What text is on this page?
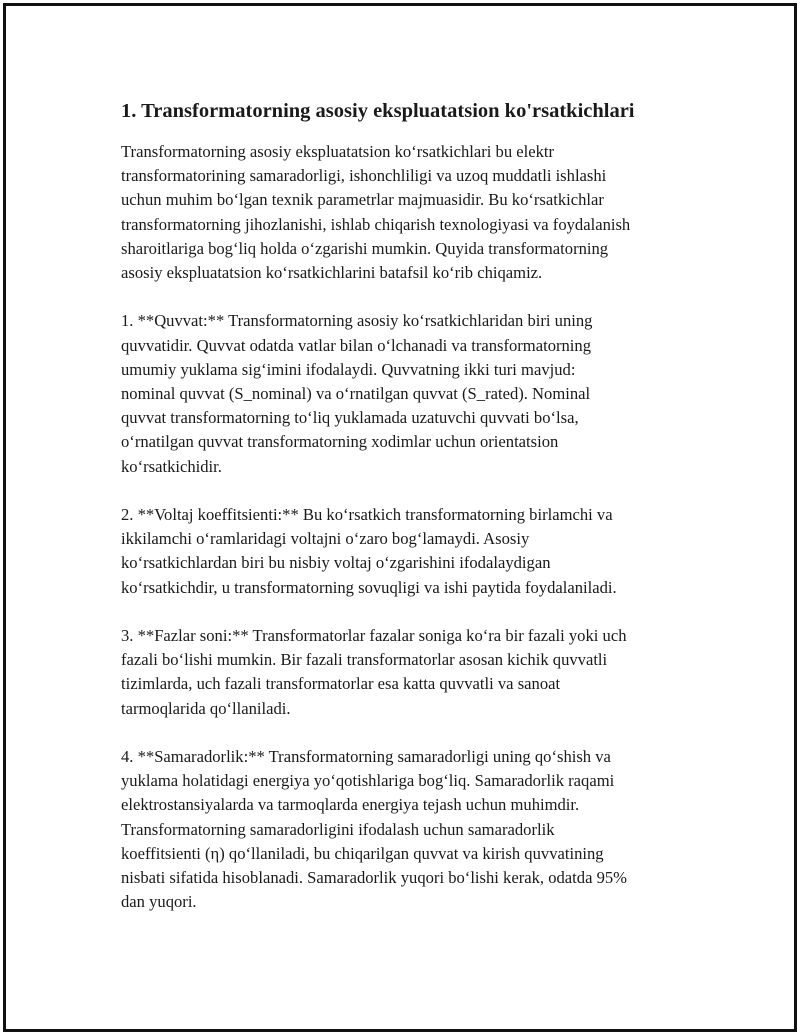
1. Transformatorning asosiy ekspluatatsion ko'rsatkichlari

Transformatorning asosiy ekspluatatsion ko‘rsatkichlari bu elektr
transformatorining samaradorligi, ishonchliligi va uzoq muddatli ishlashi
uchun muhim bo‘lgan texnik parametrlar majmuasidir. Bu ko‘rsatkichlar
transformatorning jihozlanishi, ishlab chiqarish texnologiyasi va foydalanish
sharoitlariga bog‘liq holda o‘zgarishi mumkin. Quyida transformatorning
asosiy ekspluatatsion ko‘rsatkichlarini batafsil ko‘rib chiqamiz.

1. **Quvvat:** Transformatorning asosiy ko‘rsatkichlaridan biri uning
quvvatidir. Quvvat odatda vatlar bilan o‘lchanadi va transformatorning
umumiy yuklama sig‘imini ifodalaydi. Quvvatning ikki turi mavjud:
nominal quvvat (S_nominal) va o‘rnatilgan quvvat (S_rated). Nominal
quvvat transformatorning to‘liq yuklamada uzatuvchi quvvati bo‘lsa,
o‘rnatilgan quvvat transformatorning xodimlar uchun orientatsion
ko‘rsatkichidir.

2. **Voltaj koeffitsienti:** Bu ko‘rsatkich transformatorning birlamchi va
ikkilamchi o‘ramlaridagi voltajni o‘zaro bog‘lamaydi. Asosiy
ko‘rsatkichlardan biri bu nisbiy voltaj o‘zgarishini ifodalaydigan
ko‘rsatkichdir, u transformatorning sovuqligi va ishi paytida foydalaniladi.

3. **Fazlar soni:** Transformatorlar fazalar soniga ko‘ra bir fazali yoki uch
fazali bo‘lishi mumkin. Bir fazali transformatorlar asosan kichik quvvatli
tizimlarda, uch fazali transformatorlar esa katta quvvatli va sanoat
tarmoqlarida qo‘llaniladi.

4. **Samaradorlik:** Transformatorning samaradorligi uning qo‘shish va
yuklama holatidagi energiya yo‘qotishlariga bog‘liq. Samaradorlik raqami
elektrostansiyalarda va tarmoqlarda energiya tejash uchun muhimdir.
Transformatorning samaradorligini ifodalash uchun samaradorlik
koeffitsienti (η) qo‘llaniladi, bu chiqarilgan quvvat va kirish quvvatining
nisbati sifatida hisoblanadi. Samaradorlik yuqori bo‘lishi kerak, odatda 95%
dan yuqori.
